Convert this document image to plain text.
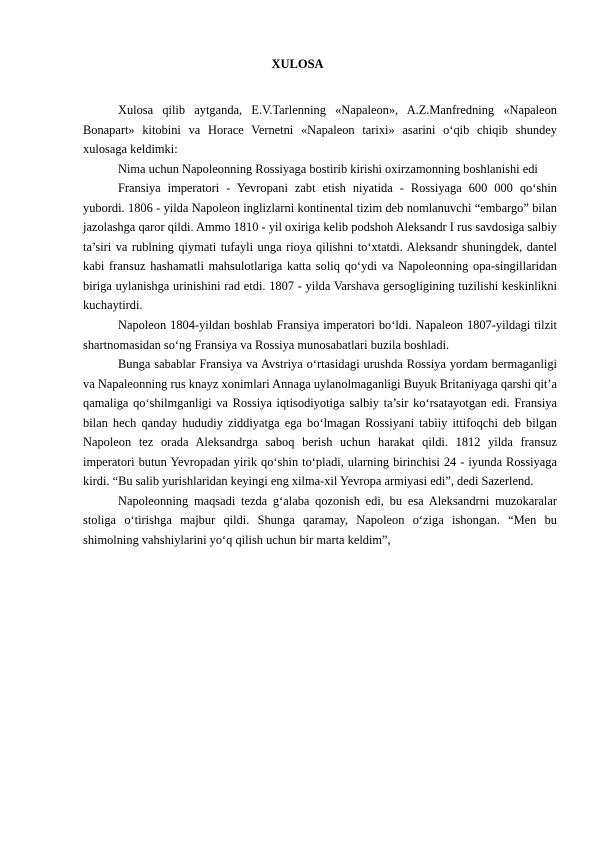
XULOSA

Xulosa qilib aytganda, E.V.Tarlenning «Napaleon», A.Z.Manfredning «Napaleon Bonapart» kitobini va Horace Vernetni «Napaleon tarixi» asarini oʻqib chiqib shundey xulosaga keldimki:

Nima uchun Napoleonning Rossiyaga bostirib kirishi oxirzamonning boshlanishi edi

Fransiya imperatori - Yevropani zabt etish niyatida - Rossiyaga 600 000 qoʻshin yubordi. 1806 - yilda Napoleon inglizlarni kontinental tizim deb nomlanuvchi “embargo” bilan jazolashga qaror qildi. Ammo 1810 - yil oxiriga kelib podshoh Aleksandr I rus savdosiga salbiy ta’siri va rublning qiymati tufayli unga rioya qilishni toʻxtatdi. Aleksandr shuningdek, dantel kabi fransuz hashamatli mahsulotlariga katta soliq qoʻydi va Napoleonning opa-singillaridan biriga uylanishga urinishini rad etdi. 1807 - yilda Varshava gersogligining tuzilishi keskinlikni kuchaytirdi.

Napoleon 1804-yildan boshlab Fransiya imperatori boʻldi. Napaleon 1807-yildagi tilzit shartnomasidan soʻng Fransiya va Rossiya munosabatlari buzila boshladi.

Bunga sabablar Fransiya va Avstriya oʻrtasidagi urushda Rossiya yordam bermaganligi va Napaleonning rus knayz xonimlari Annaga uylanolmaganligi Buyuk Britaniyaga qarshi qit’a qamaliga qoʻshilmganligi va Rossiya iqtisodiyotiga salbiy ta’sir koʻrsatayotgan edi. Fransiya bilan hech qanday hududiy ziddiyatga ega boʻlmagan Rossiyani tabiiy ittifoqchi deb bilgan Napoleon tez orada Aleksandrga saboq berish uchun harakat qildi. 1812 yilda fransuz imperatori butun Yevropadan yirik qoʻshin toʻpladi, ularning birinchisi 24 - iyunda Rossiyaga kirdi. “Bu salib yurishlaridan keyingi eng xilma-xil Yevropa armiyasi edi”, dedi Sazerlend.

Napoleonning maqsadi tezda gʻalaba qozonish edi, bu esa Aleksandrni muzokaralar stoliga oʻtirishga majbur qildi. Shunga qaramay, Napoleon oʻziga ishongan. “Men bu shimolning vahshiylarini yoʻq qilish uchun bir marta keldim”,
